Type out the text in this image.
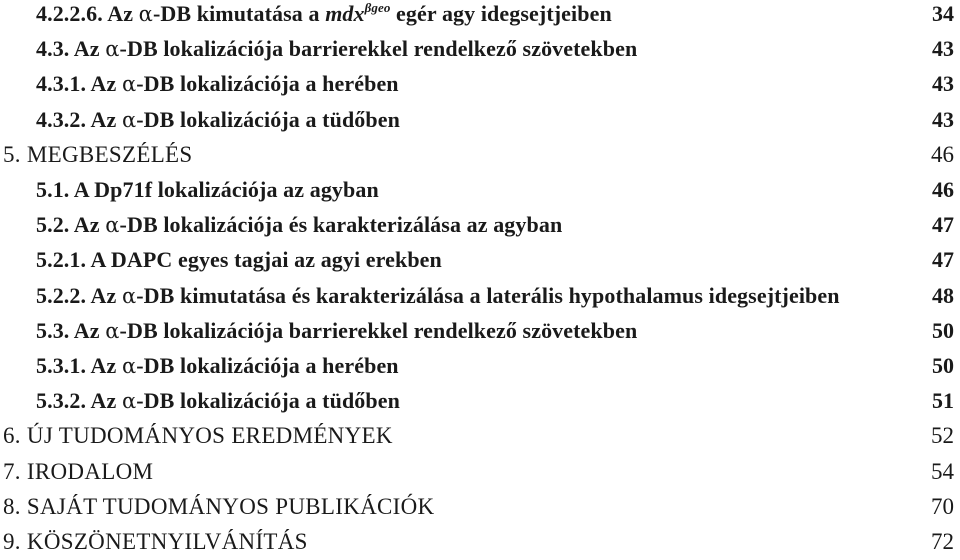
4.2.2.6. Az α-DB kimutatása a mdx$^{\beta geo}$ egér agy idegsejtjeiben	34
4.3. Az α-DB lokalizációja barrierekkel rendelkező szövetekben	43
4.3.1. Az α-DB lokalizációja a herében	43
4.3.2. Az α-DB lokalizációja a tüdőben	43
5. MEGBESZÉLÉS	46
5.1. A Dp71f lokalizációja az agyban	46
5.2. Az α-DB lokalizációja és karakterizálása az agyban	47
5.2.1. A DAPC egyes tagjai az agyi erekben	47
5.2.2. Az α-DB kimutatása és karakterizálása a laterális hypothalamus idegsejtjeiben	48
5.3. Az α-DB lokalizációja barrierekkel rendelkező szövetekben	50
5.3.1. Az α-DB lokalizációja a herében	50
5.3.2. Az α-DB lokalizációja a tüdőben	51
6. ÚJ TUDOMÁNYOS EREDMÉNYEK	52
7. IRODALOM	54
8. SAJÁT TUDOMÁNYOS PUBLIKÁCIÓK	70
9. KÖSZÖNETNYILVÁNÍTÁS	72
